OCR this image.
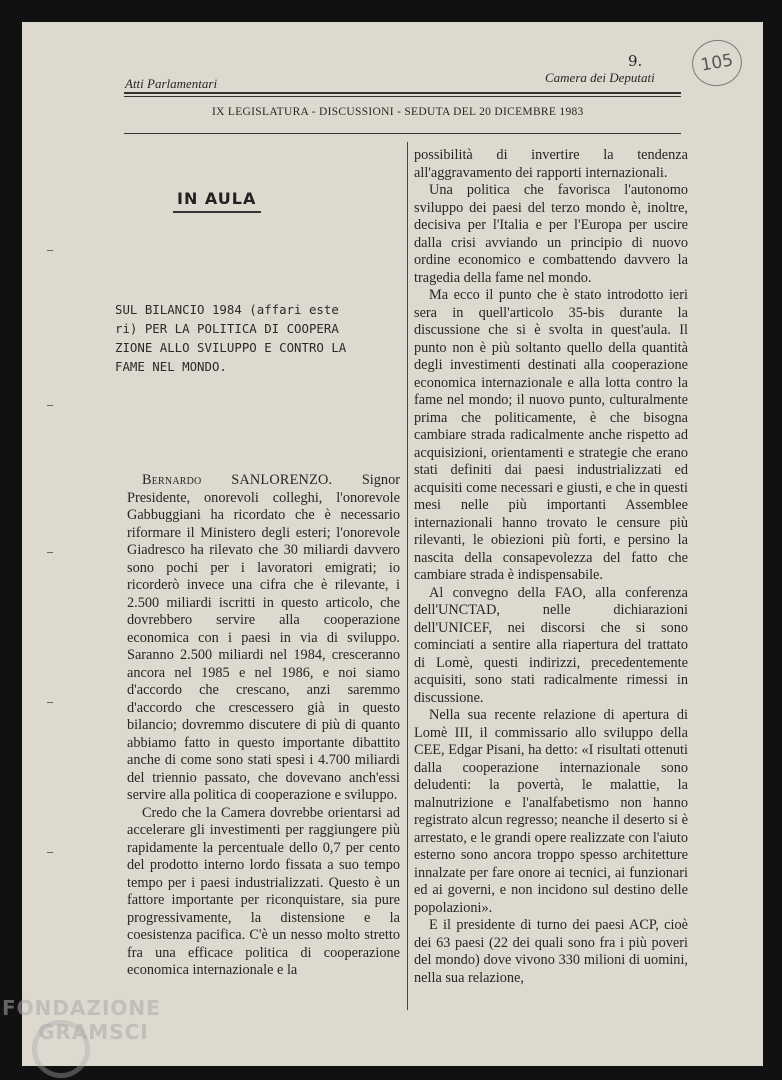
Atti Parlamentari
9.
Camera dei Deputati
105
IX LEGISLATURA - DISCUSSIONI - SEDUTA DEL 20 DICEMBRE 1983
IN AULA
SUL BILANCIO 1984 (affari este
ri) PER LA POLITICA DI COOPERA
ZIONE ALLO SVILUPPO E CONTRO LA
FAME NEL MONDO.

Bernardo SANLORENZO. Signor Presidente, onorevoli colleghi, l'onorevole Gabbuggiani ha ricordato che è necessario riformare il Ministero degli esteri; l'onorevole Giadresco ha rilevato che 30 miliardi davvero sono pochi per i lavoratori emigrati; io ricorderò invece una cifra che è rilevante, i 2.500 miliardi iscritti in questo articolo, che dovrebbero servire alla cooperazione economica con i paesi in via di sviluppo. Saranno 2.500 miliardi nel 1984, cresceranno ancora nel 1985 e nel 1986, e noi siamo d'accordo che crescano, anzi saremmo d'accordo che crescessero già in questo bilancio; dovremmo discutere di più di quanto abbiamo fatto in questo importante dibattito anche di come sono stati spesi i 4.700 miliardi del triennio passato, che dovevano anch'essi servire alla politica di cooperazione e sviluppo.

Credo che la Camera dovrebbe orientarsi ad accelerare gli investimenti per raggiungere più rapidamente la percentuale dello 0,7 per cento del prodotto interno lordo fissata a suo tempo tempo per i paesi industrializzati. Questo è un fattore importante per riconquistare, sia pure progressivamente, la distensione e la coesistenza pacifica. C'è un nesso molto stretto fra una efficace politica di cooperazione economica internazionale e la

possibilità di invertire la tendenza all'aggravamento dei rapporti internazionali.

Una politica che favorisca l'autonomo sviluppo dei paesi del terzo mondo è, inoltre, decisiva per l'Italia e per l'Europa per uscire dalla crisi avviando un principio di nuovo ordine economico e combattendo davvero la tragedia della fame nel mondo.

Ma ecco il punto che è stato introdotto ieri sera in quell'articolo 35-bis durante la discussione che si è svolta in quest'aula. Il punto non è più soltanto quello della quantità degli investimenti destinati alla cooperazione economica internazionale e alla lotta contro la fame nel mondo; il nuovo punto, culturalmente prima che politicamente, è che bisogna cambiare strada radicalmente anche rispetto ad acquisizioni, orientamenti e strategie che erano stati definiti dai paesi industrializzati ed acquisiti come necessari e giusti, e che in questi mesi nelle più importanti Assemblee internazionali hanno trovato le censure più rilevanti, le obiezioni più forti, e persino la nascita della consapevolezza del fatto che cambiare strada è indispensabile.

Al convegno della FAO, alla conferenza dell'UNCTAD, nelle dichiarazioni dell'UNICEF, nei discorsi che si sono cominciati a sentire alla riapertura del trattato di Lomè, questi indirizzi, precedentemente acquisiti, sono stati radicalmente rimessi in discussione.

Nella sua recente relazione di apertura di Lomè III, il commissario allo sviluppo della CEE, Edgar Pisani, ha detto: «I risultati ottenuti dalla cooperazione internazionale sono deludenti: la povertà, le malattie, la malnutrizione e l'analfabetismo non hanno registrato alcun regresso; neanche il deserto si è arrestato, e le grandi opere realizzate con l'aiuto esterno sono ancora troppo spesso architetture innalzate per fare onore ai tecnici, ai funzionari ed ai governi, e non incidono sul destino delle popolazioni».

E il presidente di turno dei paesi ACP, cioè dei 63 paesi (22 dei quali sono fra i più poveri del mondo) dove vivono 330 milioni di uomini, nella sua relazione,

FONDAZIONE
GRAMSCI
